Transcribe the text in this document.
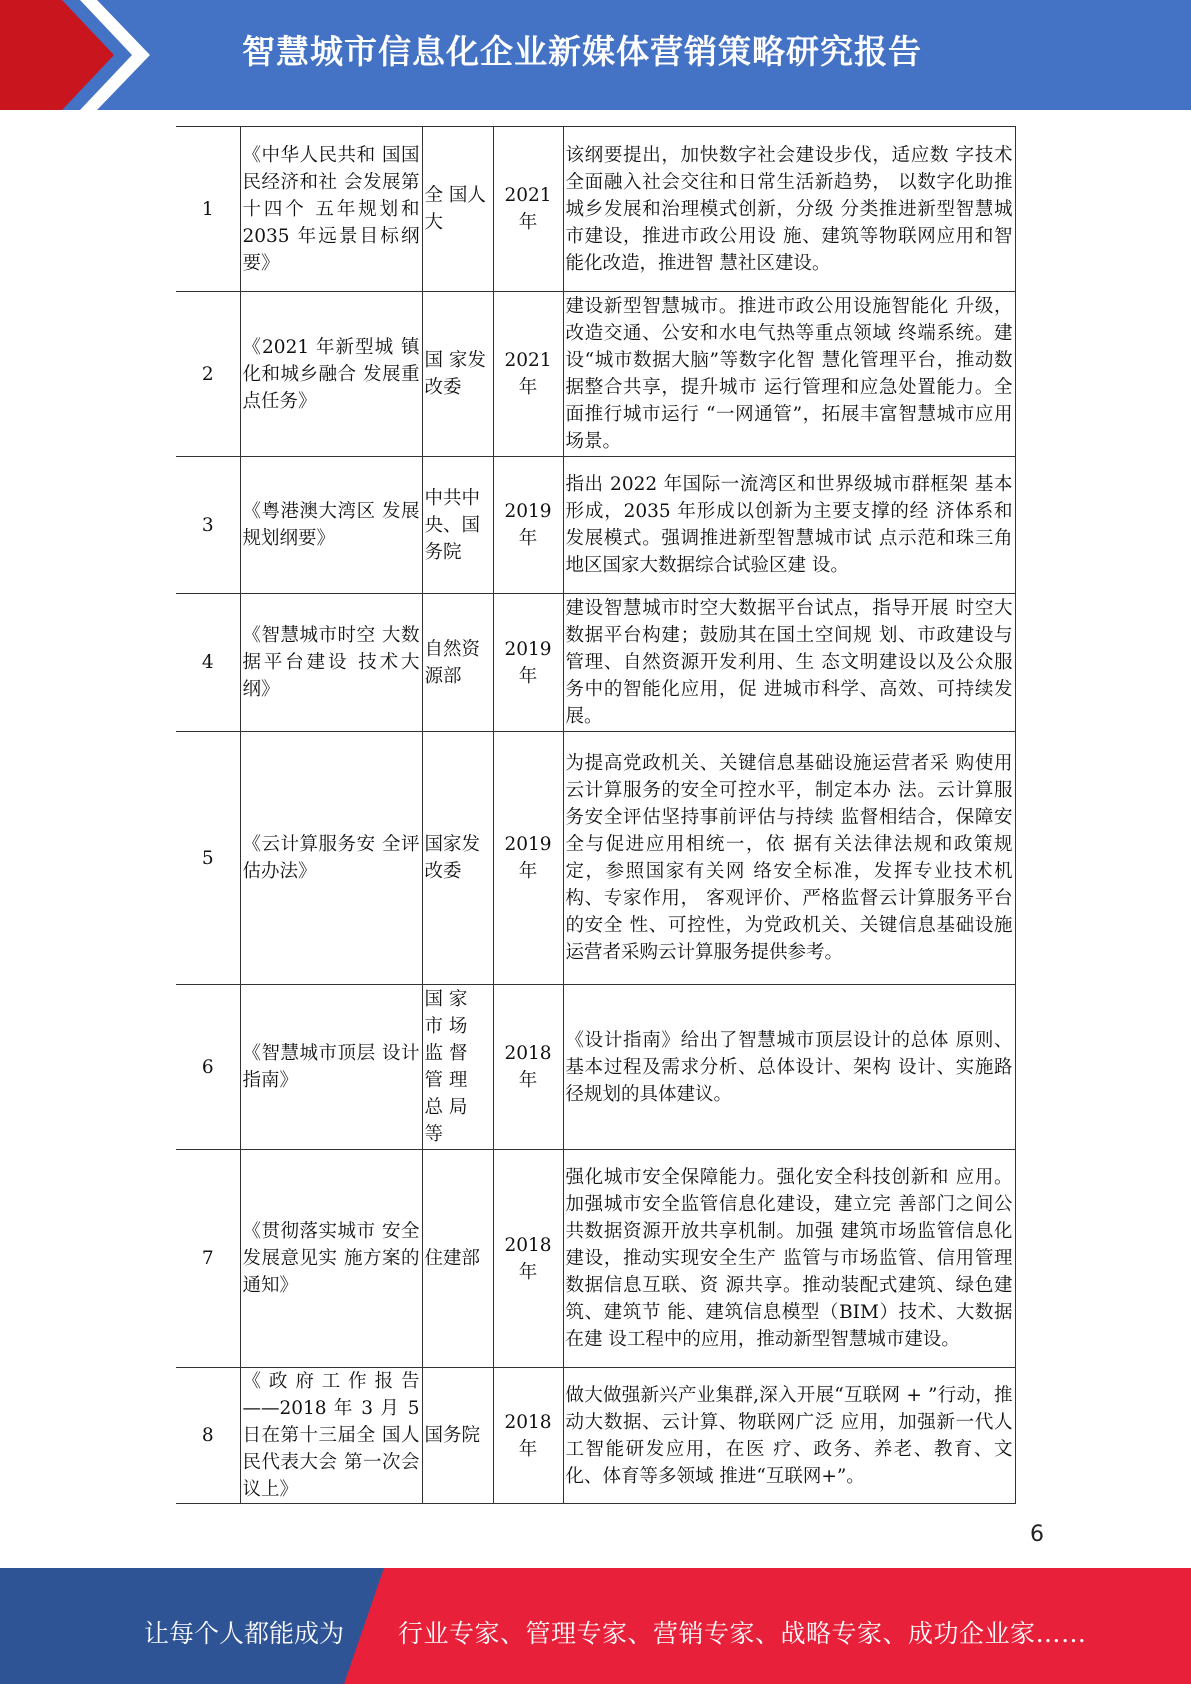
智慧城市信息化企业新媒体营销策略研究报告
1	《中华人民共和 国国民经济和社 会发展第十四个 五年规划和 2035 年远景目标纲 要》	全 国人大	2021年	该纲要提出，加快数字社会建设步伐，适应数 字技术全面融入社会交往和日常生活新趋势， 以数字化助推城乡发展和治理模式创新，分级 分类推进新型智慧城市建设，推进市政公用设 施、建筑等物联网应用和智能化改造，推进智 慧社区建设。
2	《2021 年新型城 镇化和城乡融合 发展重点任务》	国 家发 改委	2021年	建设新型智慧城市。推进市政公用设施智能化 升级，改造交通、公安和水电气热等重点领域 终端系统。建设“城市数据大脑”等数字化智 慧化管理平台，推动数据整合共享，提升城市 运行管理和应急处置能力。全面推行城市运行 “一网通管”，拓展丰富智慧城市应用场景。
3	《粤港澳大湾区 发展规划纲要》	中共中央、国务院	2019年	指出 2022 年国际一流湾区和世界级城市群框架 基本形成，2035 年形成以创新为主要支撑的经 济体系和发展模式。强调推进新型智慧城市试 点示范和珠三角地区国家大数据综合试验区建 设。
4	《智慧城市时空 大数据平台建设 技术大纲》	自然资源部	2019年	建设智慧城市时空大数据平台试点，指导开展 时空大数据平台构建；鼓励其在国土空间规 划、市政建设与管理、自然资源开发利用、生 态文明建设以及公众服务中的智能化应用，促 进城市科学、高效、可持续发展。
5	《云计算服务安 全评估办法》	国家发改委	2019年	为提高党政机关、关键信息基础设施运营者采 购使用云计算服务的安全可控水平，制定本办 法。云计算服务安全评估坚持事前评估与持续 监督相结合，保障安全与促进应用相统一，依 据有关法律法规和政策规定，参照国家有关网 络安全标准，发挥专业技术机构、专家作用， 客观评价、严格监督云计算服务平台的安全 性、可控性，为党政机关、关键信息基础设施 运营者采购云计算服务提供参考。
6	《智慧城市顶层 设计指南》	国 家 市 场 监 督 管 理 总 局 等	2018年	《设计指南》给出了智慧城市顶层设计的总体 原则、基本过程及需求分析、总体设计、架构 设计、实施路径规划的具体建议。
7	《贯彻落实城市 安全发展意见实 施方案的通知》	住建部	2018年	强化城市安全保障能力。强化安全科技创新和 应用。加强城市安全监管信息化建设，建立完 善部门之间公共数据资源开放共享机制。加强 建筑市场监管信息化建设，推动实现安全生产 监管与市场监管、信用管理数据信息互联、资 源共享。推动装配式建筑、绿色建筑、建筑节 能、建筑信息模型（BIM）技术、大数据在建 设工程中的应用，推动新型智慧城市建设。
8	《 政 府 工 作 报 告 ——2018 年 3 月 5 日在第十三届全 国人民代表大会 第一次会议上》	国务院	2018年	做大做强新兴产业集群,深入开展“互联网 + ”行动，推动大数据、云计算、物联网广泛 应用，加强新一代人工智能研发应用，在医 疗、政务、养老、教育、文化、体育等多领域 推进“互联网+”。
6
让每个人都能成为 行业专家、管理专家、营销专家、战略专家、成功企业家……
